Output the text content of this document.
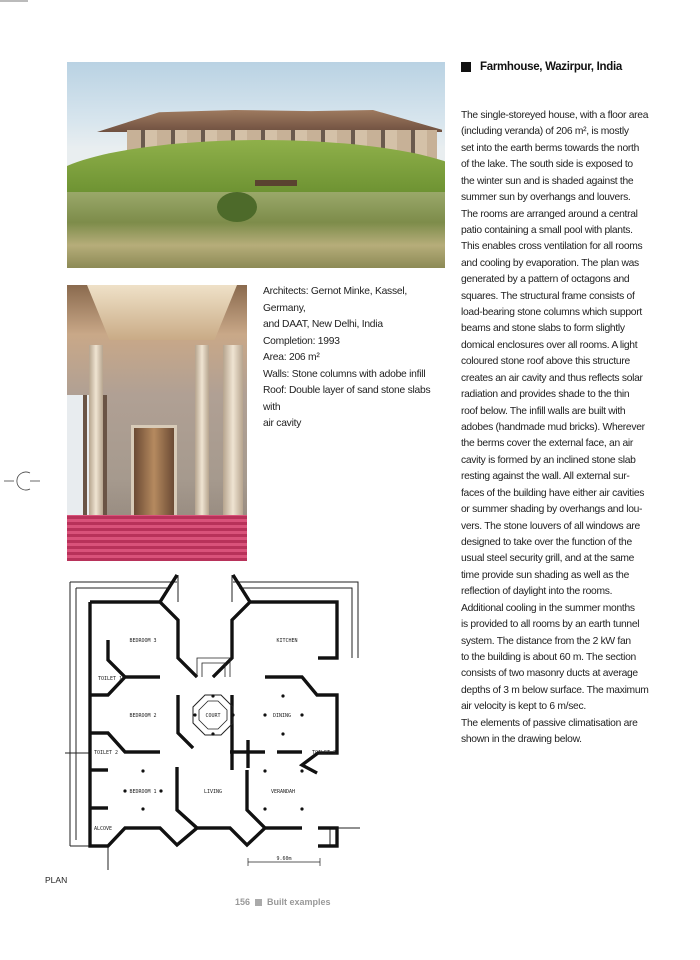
Architects: Gernot Minke, Kassel, Germany,
and DAAT, New Delhi, India
Completion: 1993
Area: 206 m²
Walls: Stone columns with adobe infill
Roof: Double layer of sand stone slabs with
air cavity
Farmhouse, Wazirpur, India
The single-storeyed house, with a floor area
(including veranda) of 206 m², is mostly
set into the earth berms towards the north
of the lake. The south side is exposed to
the winter sun and is shaded against the
summer sun by overhangs and louvers.
The rooms are arranged around a central
patio containing a small pool with plants.
This enables cross ventilation for all rooms
and cooling by evaporation. The plan was
generated by a pattern of octagons and
squares. The structural frame consists of
load-bearing stone columns which support
beams and stone slabs to form slightly
domical enclosures over all rooms. A light
coloured stone roof above this structure
creates an air cavity and thus reflects solar
radiation and provides shade to the thin
roof below. The infill walls are built with
adobes (handmade mud bricks). Wherever
the berms cover the external face, an air
cavity is formed by an inclined stone slab
resting against the wall. All external sur-
faces of the building have either air cavities
or summer shading by overhangs and lou-
vers. The stone louvers of all windows are
designed to take over the function of the
usual steel security grill, and at the same
time provide sun shading as well as the
reflection of daylight into the rooms.
Additional cooling in the summer months
is provided to all rooms by an earth tunnel
system. The distance from the 2 kW fan
to the building is about 60 m. The section
consists of two masonry ducts at average
depths of 3 m below surface. The maximum
air velocity is kept to 6 m/sec.
The elements of passive climatisation are
shown in the drawing below.
BEDROOM 3	KITCHEN
TOILET 1
BEDROOM 2	COURT	DINING
TOILET 2	TOILET 3
BEDROOM 1	LIVING	VERANDAH
ALCOVE
9.60m
PLAN
156 Built examples
